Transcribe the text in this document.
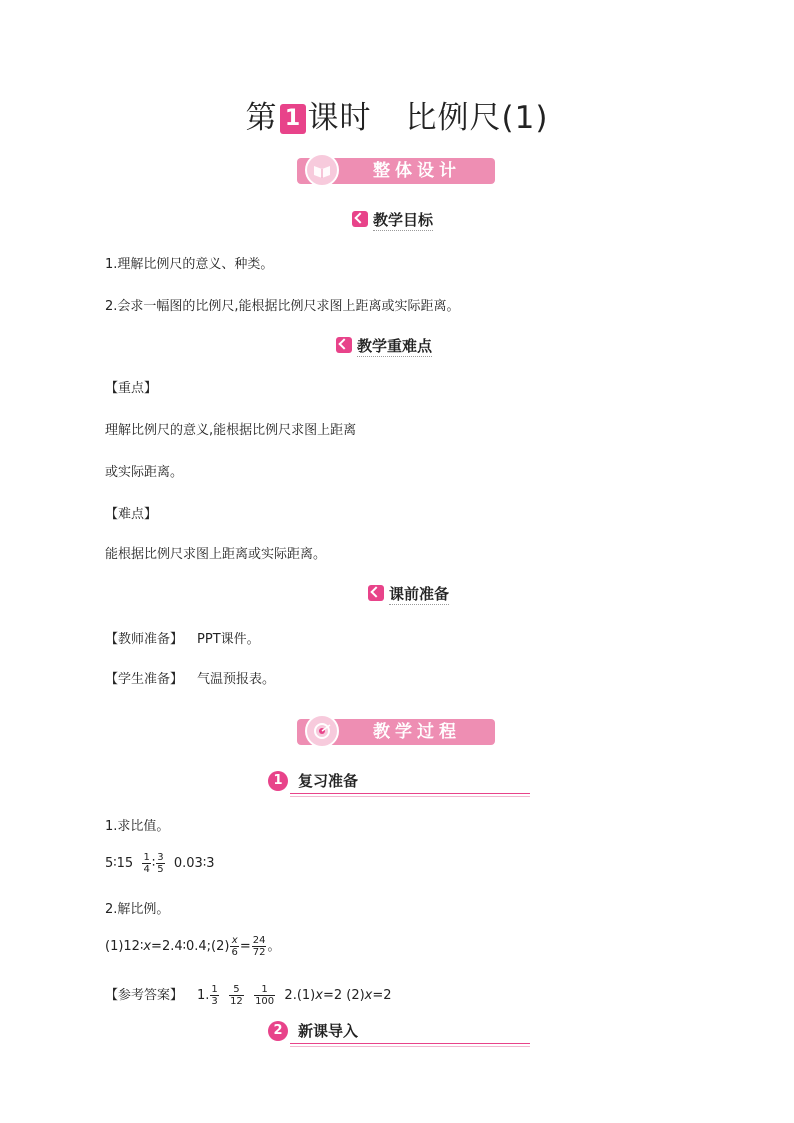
第 1 课时 比例尺(1)
整体设计
教学目标
1.理解比例尺的意义、种类。
2.会求一幅图的比例尺,能根据比例尺求图上距离或实际距离。
教学重难点
【重点】
理解比例尺的意义,能根据比例尺求图上距离
或实际距离。
【难点】
能根据比例尺求图上距离或实际距离。
课前准备
【教师准备】 PPT课件。
【学生准备】 气温预报表。
教学过程
1	复习准备
1.求比值。
5∶15 $\frac{1}{4}$ ∶ $\frac{3}{5}$ 0.03∶3
2.解比例。
(1)12∶x=2.4∶0.4;(2) $\frac{x}{6} = \frac{24}{72}$ 。
【参考答案】 1. $\frac{1}{3}$
$\frac{5}{12}$
$\frac{1}{100} 2.(1)x=2$ (2)x=2
2	新课导入
